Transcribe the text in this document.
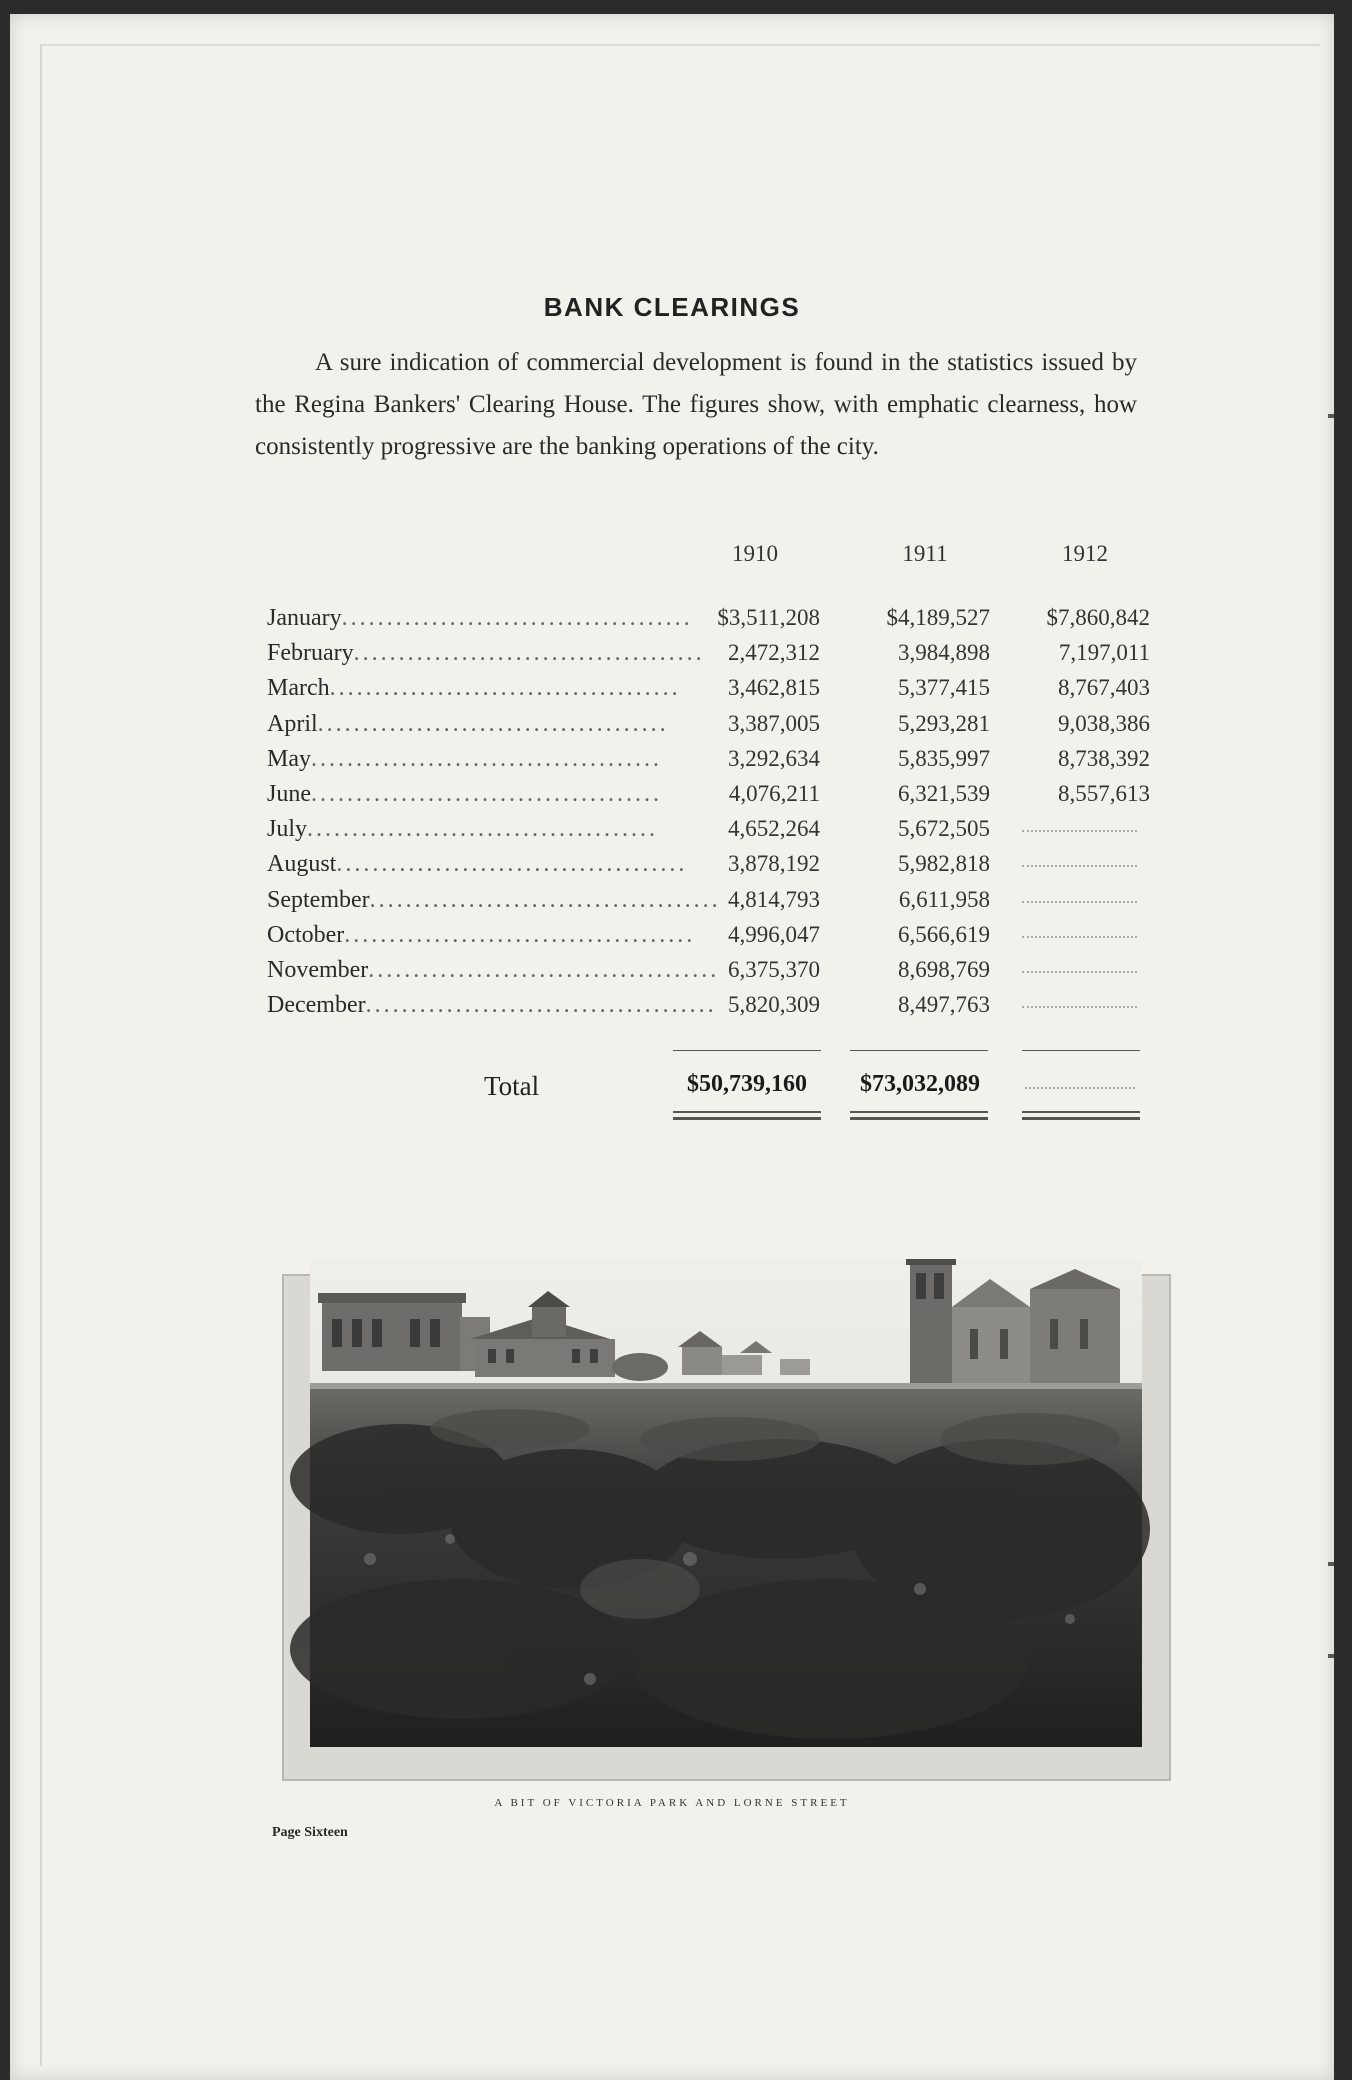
BANK CLEARINGS
A sure indication of commercial development is found in the statistics issued by the Regina Bankers' Clearing House. The figures show, with emphatic clearness, how consistently progressive are the banking operations of the city.
1910	1911	1912
January.......................................	$3,511,208	$4,189,527	$7,860,842
February.......................................	2,472,312	3,984,898	7,197,011
March.......................................	3,462,815	5,377,415	8,767,403
April.......................................	3,387,005	5,293,281	9,038,386
May.......................................	3,292,634	5,835,997	8,738,392
June.......................................	4,076,211	6,321,539	8,557,613
July.......................................	4,652,264	5,672,505
August.......................................	3,878,192	5,982,818
September....................................... 4,814,793	6,611,958
October.......................................	4,996,047	6,566,619
November....................................... 6,375,370	8,698,769
December....................................... 5,820,309	8,497,763
Total	$50,739,160	$73,032,089
A BIT OF VICTORIA PARK AND LORNE STREET
Page Sixteen
